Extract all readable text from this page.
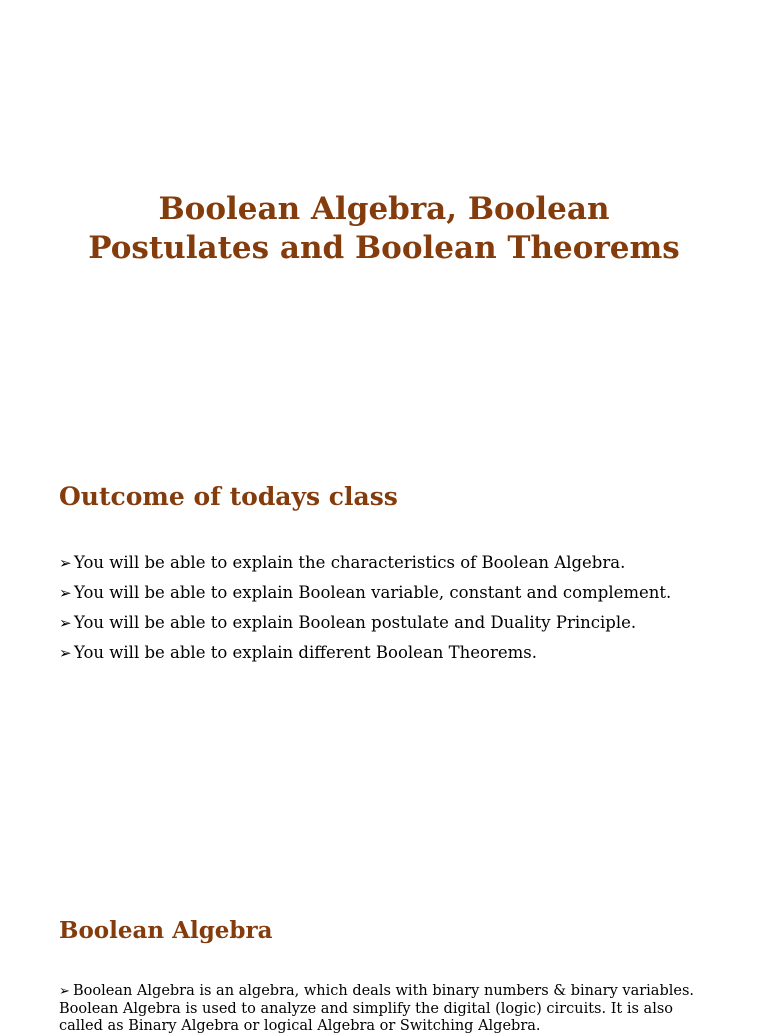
Boolean Algebra, Boolean
Postulates and Boolean Theorems
Outcome of todays class
➢ You will be able to explain the characteristics of Boolean Algebra.
➢ You will be able to explain Boolean variable, constant and complement.
➢ You will be able to explain Boolean postulate and Duality Principle.
➢ You will be able to explain different Boolean Theorems.
Boolean Algebra
➢ Boolean Algebra is an algebra, which deals with binary numbers & binary variables. Boolean Algebra is used to analyze and simplify the digital (logic) circuits. It is also called as Binary Algebra or logical Algebra or Switching Algebra.
